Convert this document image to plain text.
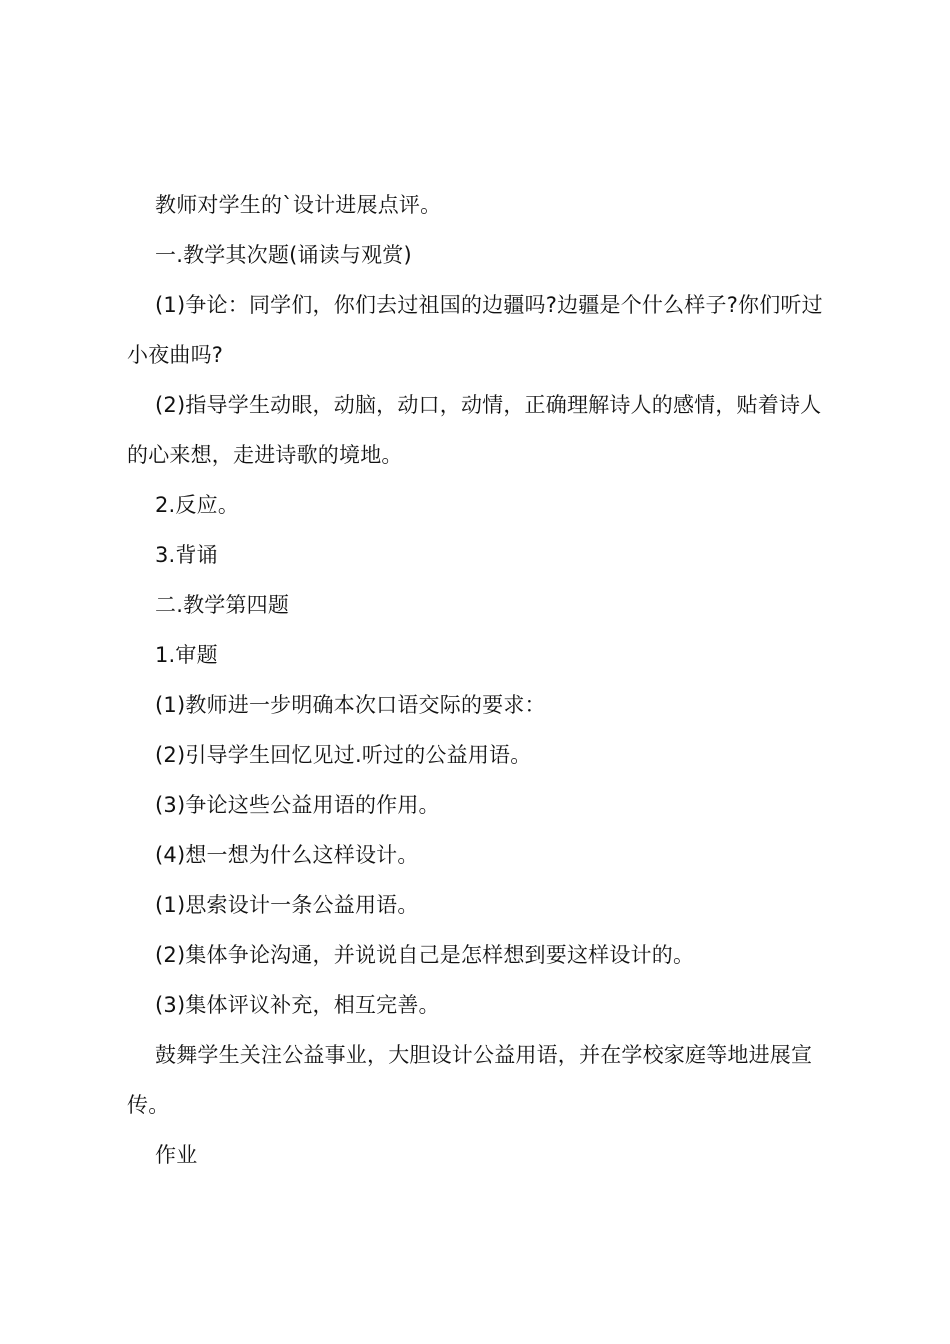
教师对学生的`设计进展点评。

一.教学其次题(诵读与观赏)

(1)争论：同学们，你们去过祖国的边疆吗?边疆是个什么样子?你们听过小夜曲吗?

(2)指导学生动眼，动脑，动口，动情，正确理解诗人的感情，贴着诗人的心来想，走进诗歌的境地。

2.反应。

3.背诵

二.教学第四题

1.审题

(1)教师进一步明确本次口语交际的要求：

(2)引导学生回忆见过.听过的公益用语。

(3)争论这些公益用语的作用。

(4)想一想为什么这样设计。

(1)思索设计一条公益用语。

(2)集体争论沟通，并说说自己是怎样想到要这样设计的。

(3)集体评议补充，相互完善。

鼓舞学生关注公益事业，大胆设计公益用语，并在学校家庭等地进展宣传。

作业
